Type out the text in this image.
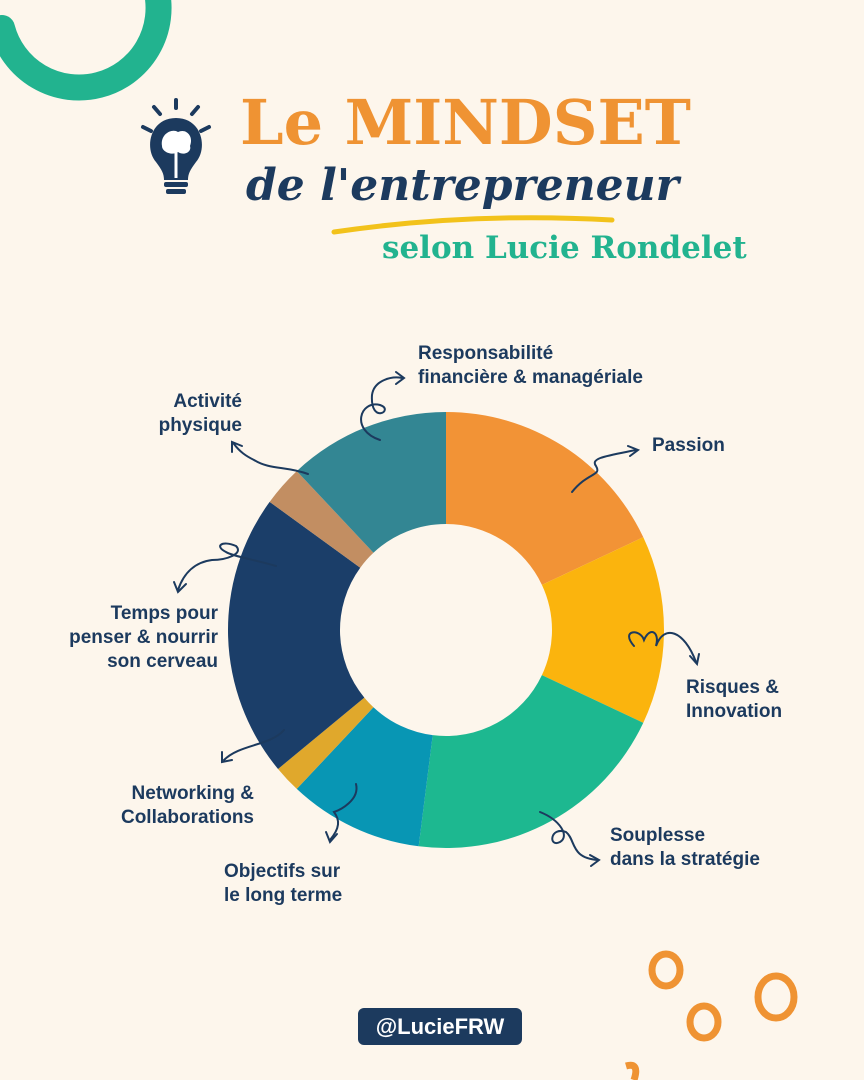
Le MINDSET
de l'entrepreneur
selon Lucie Rondelet
Responsabilité
financière & managériale
Passion
Risques &
Innovation
Souplesse
dans la stratégie
Objectifs sur
le long terme
Networking &
Collaborations
Temps pour
penser & nourrir
son cerveau
Activité
physique
@LucieFRW
